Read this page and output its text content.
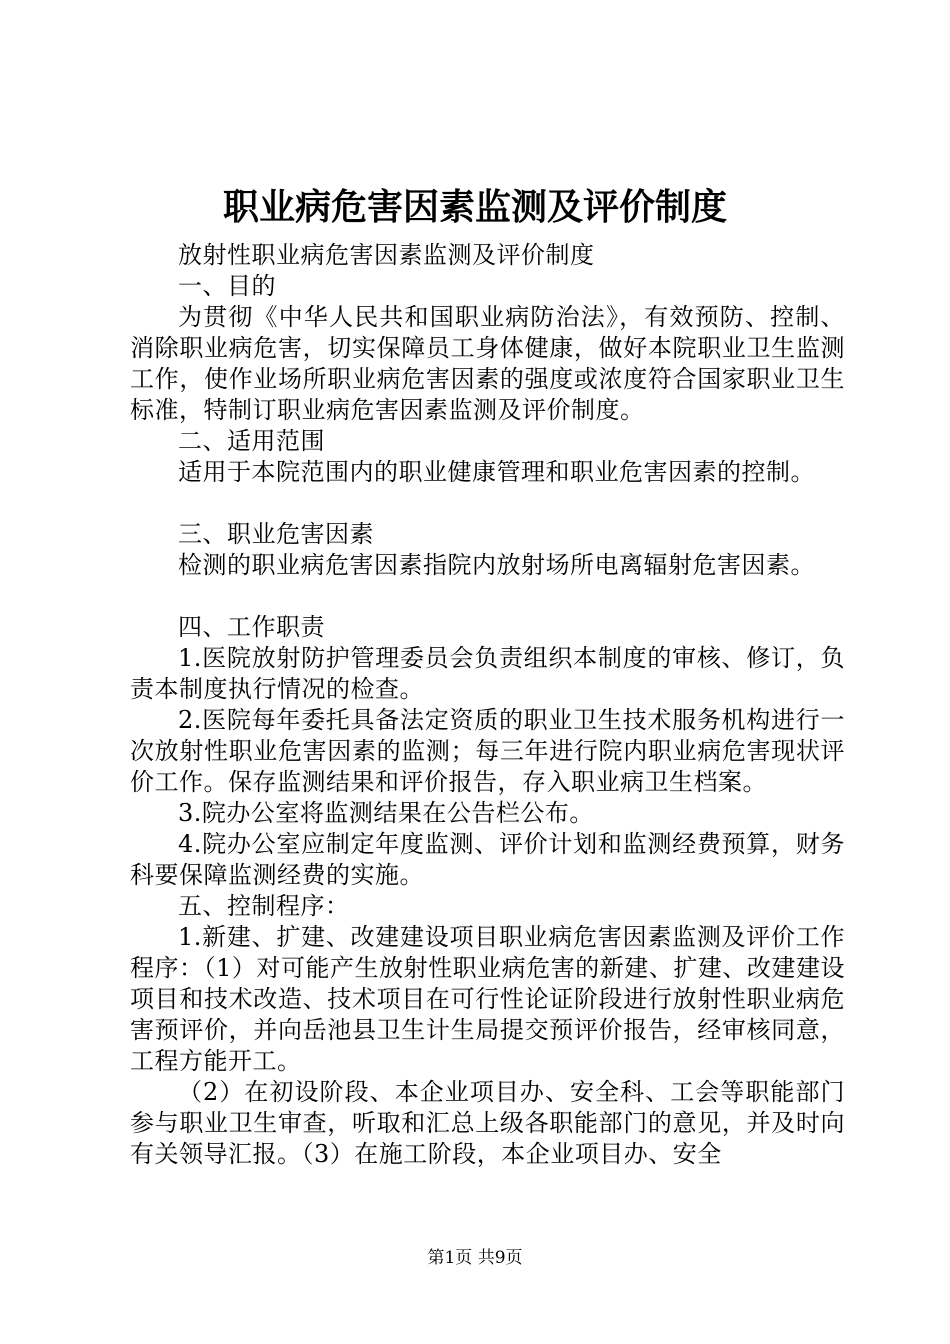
职业病危害因素监测及评价制度

放射性职业病危害因素监测及评价制度

一、目的

为贯彻《中华人民共和国职业病防治法》，有效预防、控制、消除职业病危害，切实保障员工身体健康，做好本院职业卫生监测工作，使作业场所职业病危害因素的强度或浓度符合国家职业卫生标准，特制订职业病危害因素监测及评价制度。

二、适用范围

适用于本院范围内的职业健康管理和职业危害因素的控制。

三、职业危害因素

检测的职业病危害因素指院内放射场所电离辐射危害因素。

四、工作职责

1.医院放射防护管理委员会负责组织本制度的审核、修订，负责本制度执行情况的检查。

2.医院每年委托具备法定资质的职业卫生技术服务机构进行一次放射性职业危害因素的监测；每三年进行院内职业病危害现状评价工作。保存监测结果和评价报告，存入职业病卫生档案。

3.院办公室将监测结果在公告栏公布。

4.院办公室应制定年度监测、评价计划和监测经费预算，财务科要保障监测经费的实施。

五、控制程序：

1.新建、扩建、改建建设项目职业病危害因素监测及评价工作程序：（1）对可能产生放射性职业病危害的新建、扩建、改建建设项目和技术改造、技术项目在可行性论证阶段进行放射性职业病危害预评价，并向岳池县卫生计生局提交预评价报告，经审核同意，工程方能开工。

（2）在初设阶段、本企业项目办、安全科、工会等职能部门参与职业卫生审查，听取和汇总上级各职能部门的意见，并及时向有关领导汇报。（3）在施工阶段，本企业项目办、安全

第1页 共9页
